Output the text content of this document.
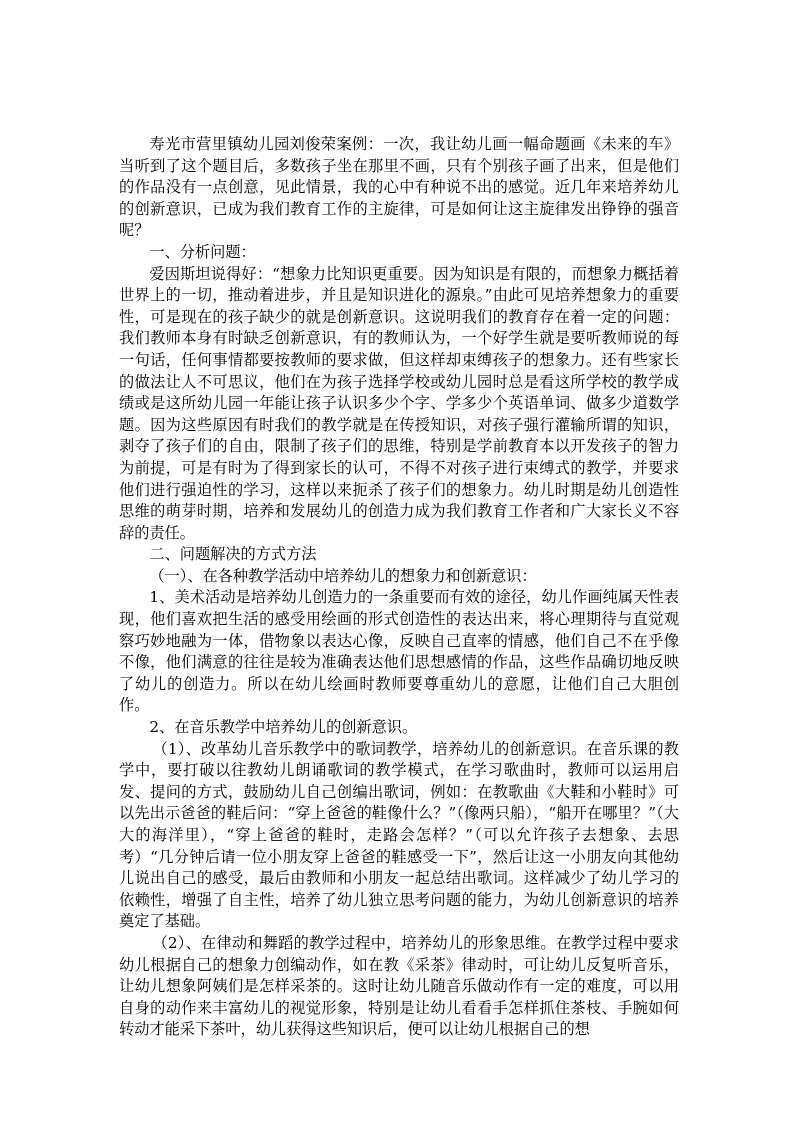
寿光市营里镇幼儿园刘俊荣案例：一次，我让幼儿画一幅命题画《未来的车》当听到了这个题目后，多数孩子坐在那里不画，只有个别孩子画了出来，但是他们的作品没有一点创意，见此情景，我的心中有种说不出的感觉。近几年来培养幼儿的创新意识，已成为我们教育工作的主旋律，可是如何让这主旋律发出铮铮的强音呢？

一、分析问题：

爱因斯坦说得好：“想象力比知识更重要。因为知识是有限的，而想象力概括着世界上的一切，推动着进步，并且是知识进化的源泉。”由此可见培养想象力的重要性，可是现在的孩子缺少的就是创新意识。这说明我们的教育存在着一定的问题：我们教师本身有时缺乏创新意识，有的教师认为，一个好学生就是要听教师说的每一句话，任何事情都要按教师的要求做，但这样却束缚孩子的想象力。还有些家长的做法让人不可思议，他们在为孩子选择学校或幼儿园时总是看这所学校的教学成绩或是这所幼儿园一年能让孩子认识多少个字、学多少个英语单词、做多少道数学题。因为这些原因有时我们的教学就是在传授知识，对孩子强行灌输所谓的知识，剥夺了孩子们的自由，限制了孩子们的思维，特别是学前教育本以开发孩子的智力为前提，可是有时为了得到家长的认可，不得不对孩子进行束缚式的教学，并要求他们进行强迫性的学习，这样以来扼杀了孩子们的想象力。幼儿时期是幼儿创造性思维的萌芽时期，培养和发展幼儿的创造力成为我们教育工作者和广大家长义不容辞的责任。

二、问题解决的方式方法

（一）、在各种教学活动中培养幼儿的想象力和创新意识：

1、美术活动是培养幼儿创造力的一条重要而有效的途径，幼儿作画纯属天性表现，他们喜欢把生活的感受用绘画的形式创造性的表达出来，将心理期待与直觉观察巧妙地融为一体，借物象以表达心像，反映自己直率的情感，他们自己不在乎像不像，他们满意的往往是较为准确表达他们思想感情的作品，这些作品确切地反映了幼儿的创造力。所以在幼儿绘画时教师要尊重幼儿的意愿，让他们自己大胆创作。

2、在音乐教学中培养幼儿的创新意识。

（1）、改革幼儿音乐教学中的歌词教学，培养幼儿的创新意识。在音乐课的教学中，要打破以往教幼儿朗诵歌词的教学模式，在学习歌曲时，教师可以运用启发、提问的方式，鼓励幼儿自己创编出歌词，例如：在教歌曲《大鞋和小鞋时》可以先出示爸爸的鞋后问：“穿上爸爸的鞋像什么？”（像两只船），“船开在哪里？”（大大的海洋里），“穿上爸爸的鞋时，走路会怎样？”（可以允许孩子去想象、去思考）“几分钟后请一位小朋友穿上爸爸的鞋感受一下”，然后让这一小朋友向其他幼儿说出自己的感受，最后由教师和小朋友一起总结出歌词。这样减少了幼儿学习的依赖性，增强了自主性，培养了幼儿独立思考问题的能力，为幼儿创新意识的培养奠定了基础。

（2）、在律动和舞蹈的教学过程中，培养幼儿的形象思维。在教学过程中要求幼儿根据自己的想象力创编动作，如在教《采茶》律动时，可让幼儿反复听音乐，让幼儿想象阿姨们是怎样采茶的。这时让幼儿随音乐做动作有一定的难度，可以用自身的动作来丰富幼儿的视觉形象，特别是让幼儿看看手怎样抓住茶枝、手腕如何转动才能采下茶叶，幼儿获得这些知识后，便可以让幼儿根据自己的想
